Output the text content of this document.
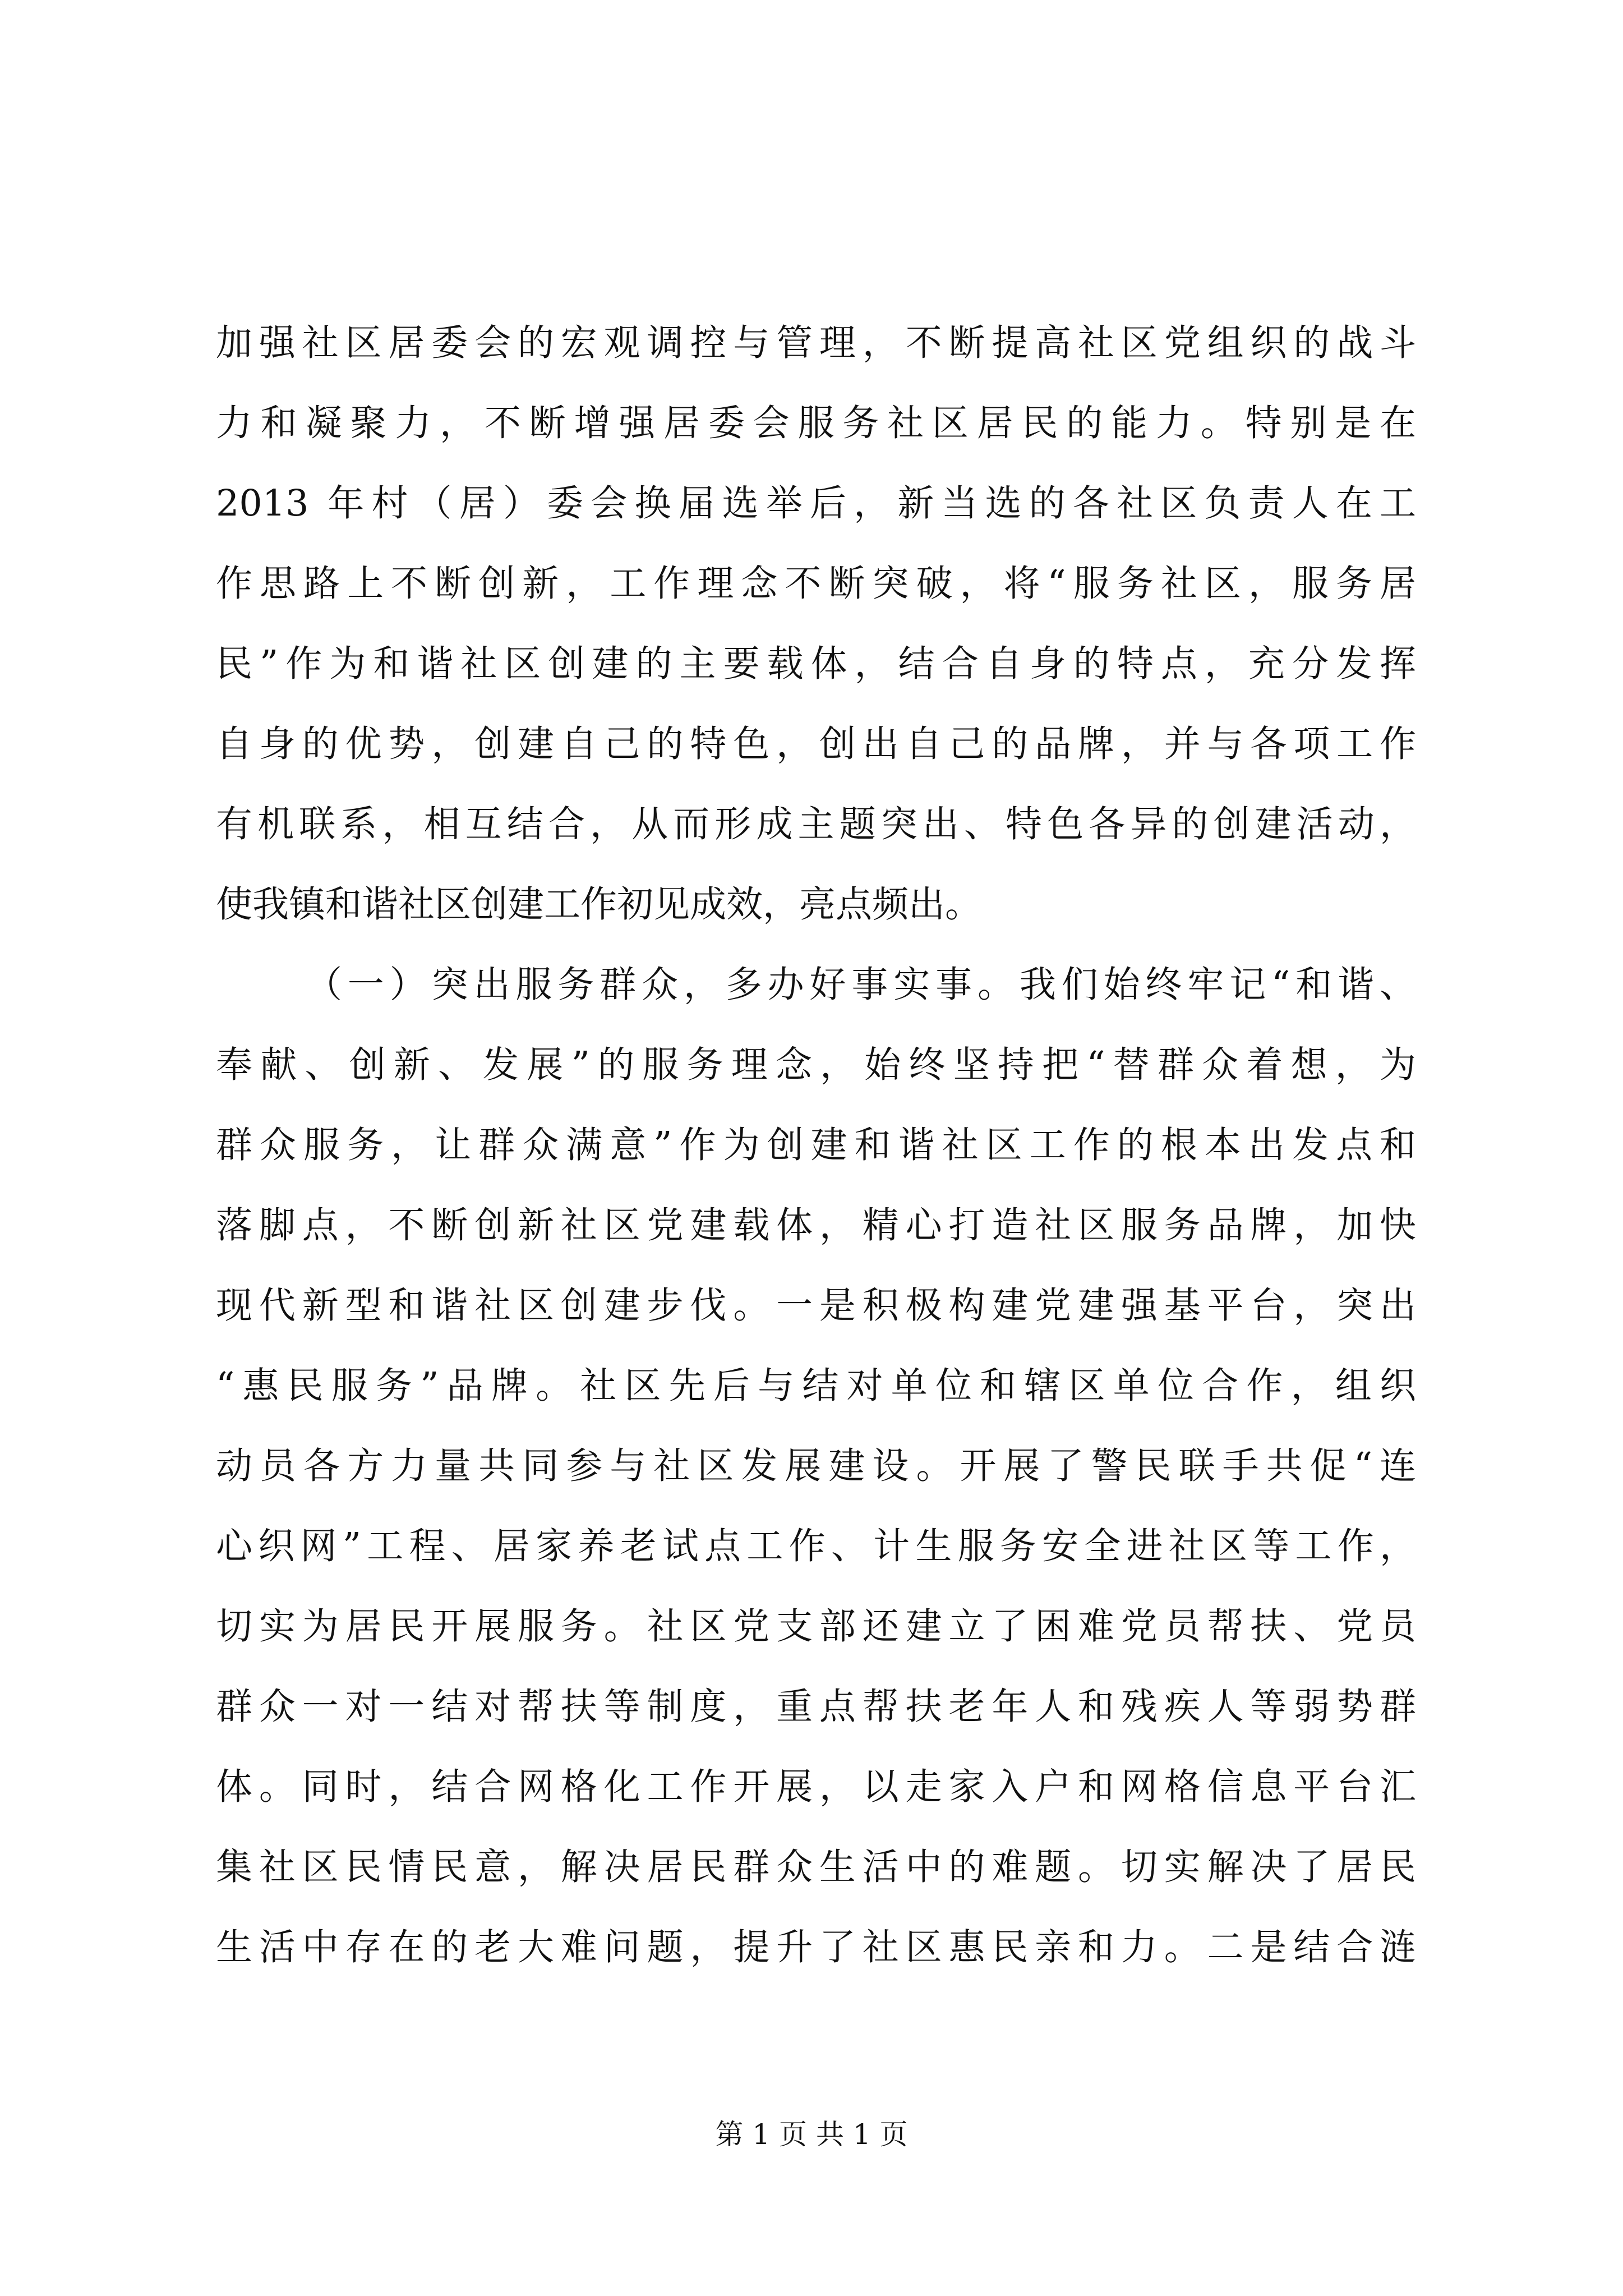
加强社区居委会的宏观调控与管理，不断提高社区党组织的战斗
力和凝聚力，不断增强居委会服务社区居民的能力。特别是在
2013 年村（居）委会换届选举后，新当选的各社区负责人在工
作思路上不断创新，工作理念不断突破，将“服务社区，服务居
民”作为和谐社区创建的主要载体，结合自身的特点，充分发挥
自身的优势，创建自己的特色，创出自己的品牌，并与各项工作
有机联系，相互结合，从而形成主题突出、特色各异的创建活动，
使我镇和谐社区创建工作初见成效，亮点频出。
（一）突出服务群众，多办好事实事。我们始终牢记“和谐、
奉献、创新、发展”的服务理念，始终坚持把“替群众着想，为
群众服务，让群众满意”作为创建和谐社区工作的根本出发点和
落脚点，不断创新社区党建载体，精心打造社区服务品牌，加快
现代新型和谐社区创建步伐。一是积极构建党建强基平台，突出
“惠民服务”品牌。社区先后与结对单位和辖区单位合作，组织
动员各方力量共同参与社区发展建设。开展了警民联手共促“连
心织网”工程、居家养老试点工作、计生服务安全进社区等工作，
切实为居民开展服务。社区党支部还建立了困难党员帮扶、党员
群众一对一结对帮扶等制度，重点帮扶老年人和残疾人等弱势群
体。同时，结合网格化工作开展，以走家入户和网格信息平台汇
集社区民情民意，解决居民群众生活中的难题。切实解决了居民
生活中存在的老大难问题，提升了社区惠民亲和力。二是结合涟
第 1 页 共 1 页
